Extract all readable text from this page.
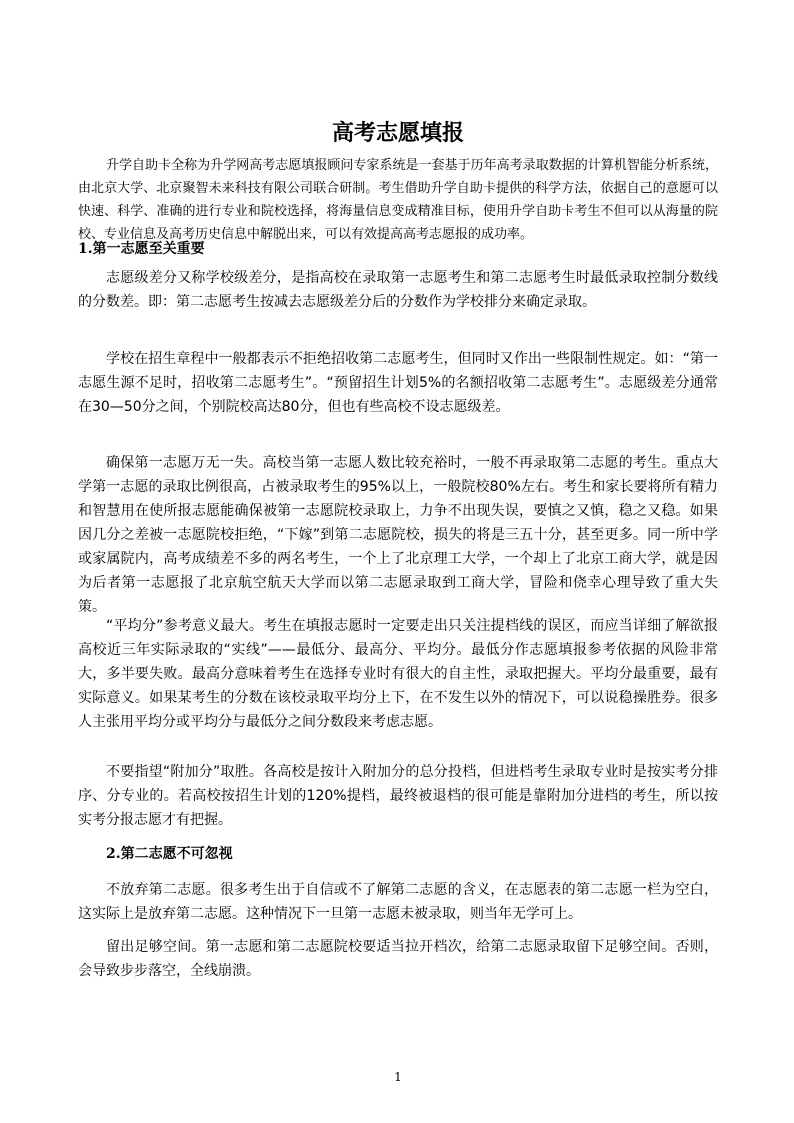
高考志愿填报

升学自助卡全称为升学网高考志愿填报顾问专家系统是一套基于历年高考录取数据的计算机智能分析系统，由北京大学、北京聚智未来科技有限公司联合研制。考生借助升学自助卡提供的科学方法，依据自己的意愿可以快速、科学、准确的进行专业和院校选择，将海量信息变成精准目标，使用升学自助卡考生不但可以从海量的院校、专业信息及高考历史信息中解脱出来，可以有效提高高考志愿报的成功率。

1.第一志愿至关重要

志愿级差分又称学校级差分，是指高校在录取第一志愿考生和第二志愿考生时最低录取控制分数线的分数差。即：第二志愿考生按减去志愿级差分后的分数作为学校排分来确定录取。

学校在招生章程中一般都表示不拒绝招收第二志愿考生，但同时又作出一些限制性规定。如：“第一志愿生源不足时，招收第二志愿考生”。“预留招生计划5%的名额招收第二志愿考生”。志愿级差分通常在30—50分之间，个别院校高达80分，但也有些高校不设志愿级差。

确保第一志愿万无一失。高校当第一志愿人数比较充裕时，一般不再录取第二志愿的考生。重点大学第一志愿的录取比例很高，占被录取考生的95%以上，一般院校80%左右。考生和家长要将所有精力和智慧用在使所报志愿能确保被第一志愿院校录取上，力争不出现失误，要慎之又慎，稳之又稳。如果因几分之差被一志愿院校拒绝，“下嫁”到第二志愿院校，损失的将是三五十分，甚至更多。同一所中学或家属院内，高考成绩差不多的两名考生，一个上了北京理工大学，一个却上了北京工商大学，就是因为后者第一志愿报了北京航空航天大学而以第二志愿录取到工商大学，冒险和侥幸心理导致了重大失策。

“平均分”参考意义最大。考生在填报志愿时一定要走出只关注提档线的误区，而应当详细了解欲报高校近三年实际录取的“实线”——最低分、最高分、平均分。最低分作志愿填报参考依据的风险非常大，多半要失败。最高分意味着考生在选择专业时有很大的自主性，录取把握大。平均分最重要，最有实际意义。如果某考生的分数在该校录取平均分上下，在不发生以外的情况下，可以说稳操胜券。很多人主张用平均分或平均分与最低分之间分数段来考虑志愿。

不要指望“附加分”取胜。各高校是按计入附加分的总分投档，但进档考生录取专业时是按实考分排序、分专业的。若高校按招生计划的120%提档，最终被退档的很可能是靠附加分进档的考生，所以按实考分报志愿才有把握。

2.第二志愿不可忽视

不放弃第二志愿。很多考生出于自信或不了解第二志愿的含义，在志愿表的第二志愿一栏为空白，这实际上是放弃第二志愿。这种情况下一旦第一志愿未被录取，则当年无学可上。

留出足够空间。第一志愿和第二志愿院校要适当拉开档次，给第二志愿录取留下足够空间。否则，会导致步步落空，全线崩溃。

1
